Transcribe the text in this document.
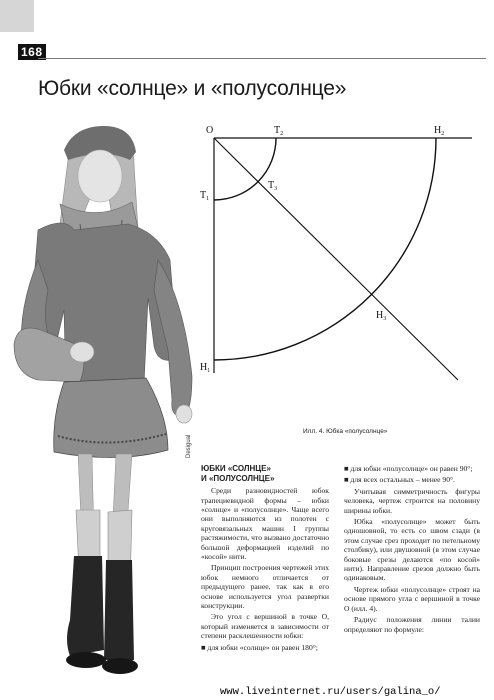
168
Юбки «солнце» и «полусолнце»
Desigual
O	$T_2$	$H_2$
$T_3$
$T_1$
$H_3$
$H_1$
Илл. 4. Юбка «полусолнце»
ЮБКИ «СОЛНЦЕ»
И «ПОЛУСОЛНЦЕ»

Среди разновидностей юбок трапециевидной формы – юбки «солнце» и «полусолнце». Чаще всего они выполняются из полотен с круговязальных машин I группы растяжимости, что вызвано достаточно большой деформацией изделий по «косой» нити.

Принцип построения чертежей этих юбок немного отличается от предыдущего ранее, так как в его основе используется угол развертки конструкции.

Это угол с вершиной в точке О, который изменяется в зависимости от степени расклешенности юбки:

■ для юбки «солнце» он равен 180°;

■ для юбки «полусолнце» он равен 90°;

■ для всех остальных – менее 90°.

Учитывая симметричность фигуры человека, чертеж строится на половину ширины юбки.

Юбка «полусолнце» может быть одношовной, то есть со швом сзади (в этом случае срез проходит по петельному столбику), или двушовной (в этом случае боковые срезы делаются «по косой» нити). Направление срезов должно быть одинаковым.

Чертеж юбки «полусолнце» строят на основе прямого угла с вершиной в точке О (илл. 4).

Радиус положения линии талии определяют по формуле:

www.liveinternet.ru/users/galina_o/
